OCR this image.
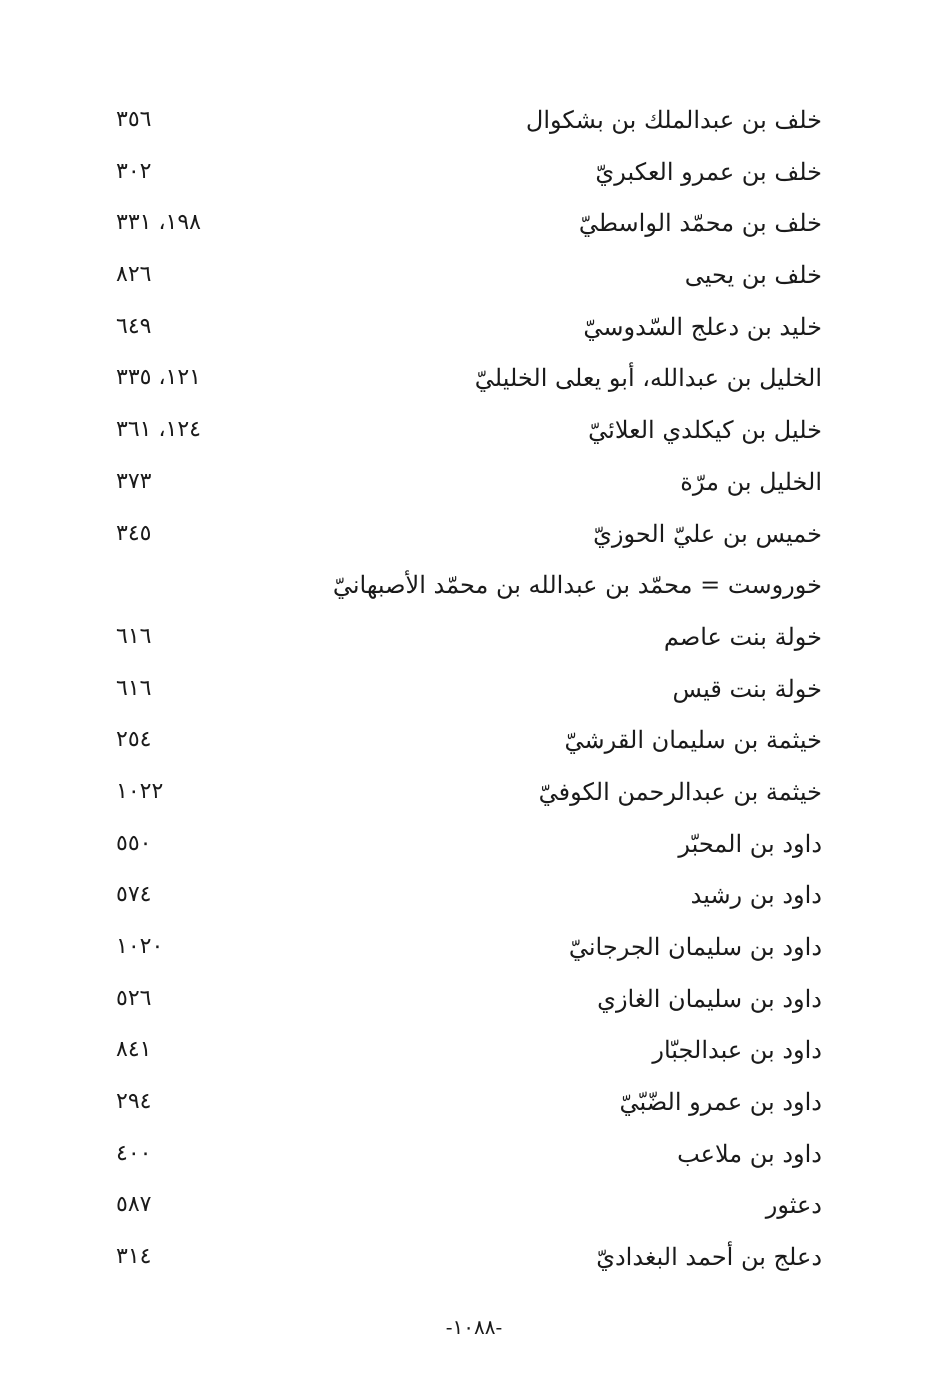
خلف بن عبدالملك بن بشكوال
٣٥٦
خلف بن عمرو العكبريّ
٣٠٢
خلف بن محمّد الواسطيّ
١٩٨، ٣٣١
خلف بن يحيى
٨٢٦
خليد بن دعلج السّدوسيّ
٦٤٩
الخليل بن عبدالله، أبو يعلى الخليليّ
١٢١، ٣٣٥
خليل بن كيكلدي العلائيّ
١٢٤، ٣٦١
الخليل بن مرّة
٣٧٣
خميس بن عليّ الحوزيّ
٣٤٥
خوروست = محمّد بن عبدالله بن محمّد الأصبهانيّ
خولة بنت عاصم
٦١٦
خولة بنت قيس
٦١٦
خيثمة بن سليمان القرشيّ
٢٥٤
خيثمة بن عبدالرحمن الكوفيّ
١٠٢٢
داود بن المحبّر
٥٥٠
داود بن رشيد
٥٧٤
داود بن سليمان الجرجانيّ
١٠٢٠
داود بن سليمان الغازي
٥٢٦
داود بن عبدالجبّار
٨٤١
داود بن عمرو الضّبّيّ
٢٩٤
داود بن ملاعب
٤٠٠
دعثور
٥٨٧
دعلج بن أحمد البغداديّ
٣١٤
-١٠٨٨-
